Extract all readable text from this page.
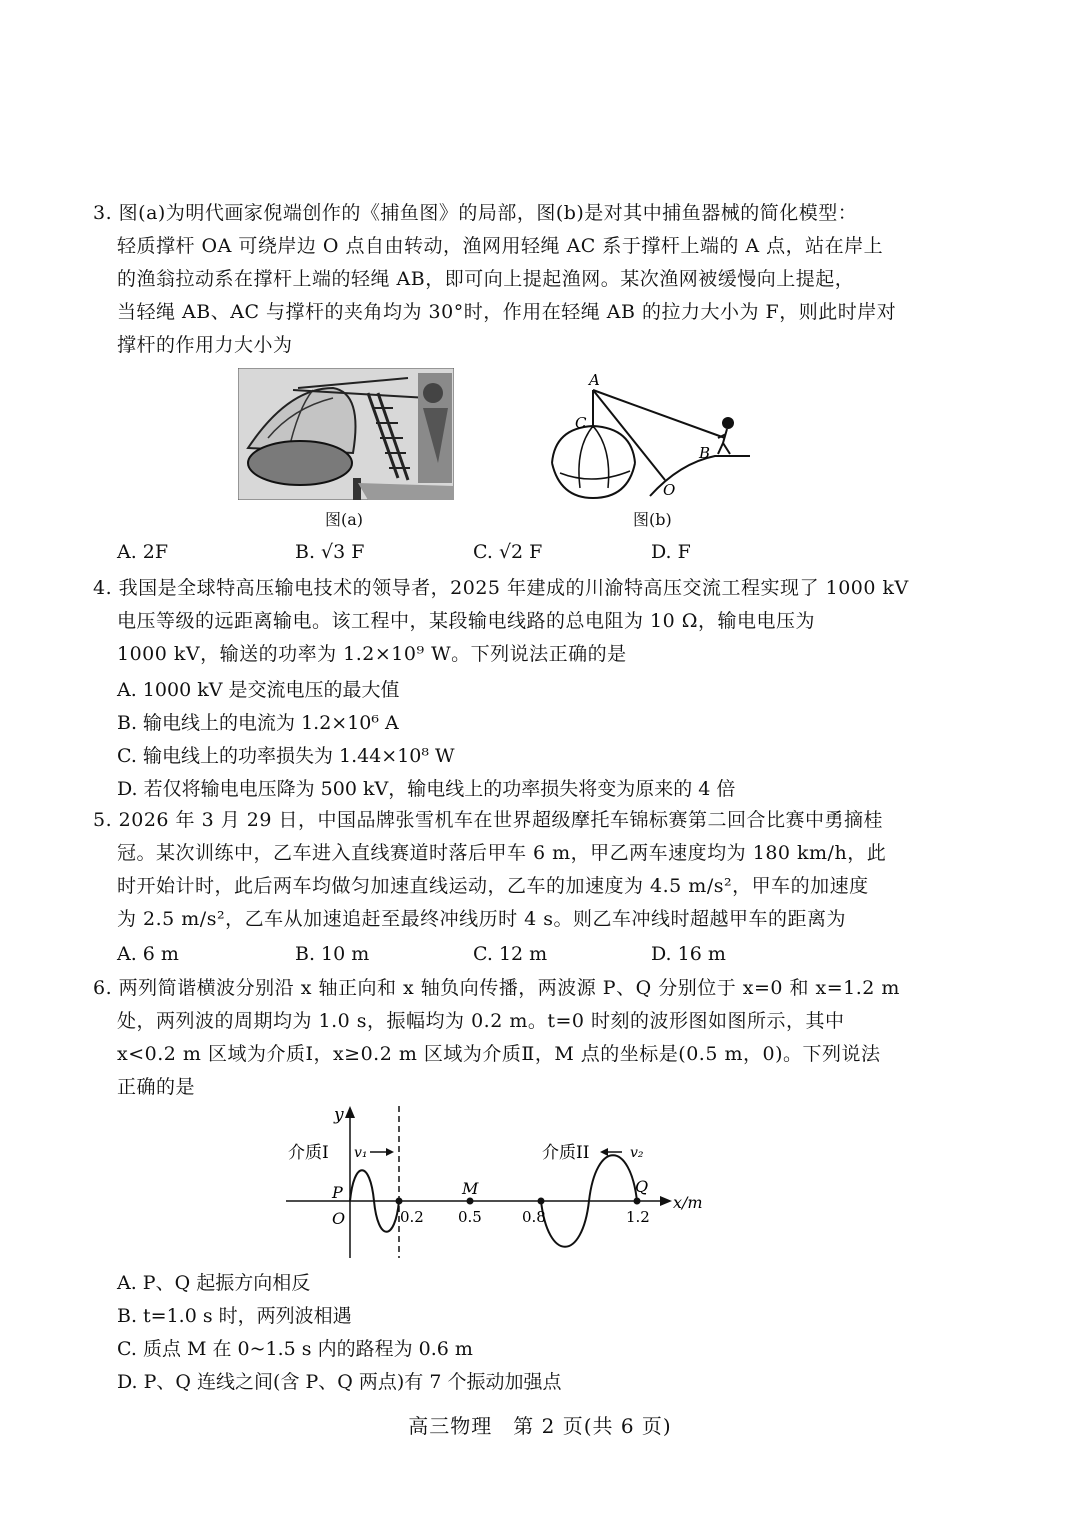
3. 图(a)为明代画家倪端创作的《捕鱼图》的局部，图(b)是对其中捕鱼器械的简化模型：
轻质撑杆 OA 可绕岸边 O 点自由转动，渔网用轻绳 AC 系于撑杆上端的 A 点，站在岸上
的渔翁拉动系在撑杆上端的轻绳 AB，即可向上提起渔网。某次渔网被缓慢向上提起，
当轻绳 AB、AC 与撑杆的夹角均为 30°时，作用在轻绳 AB 的拉力大小为 F，则此时岸对
撑杆的作用力大小为
图(a)
A
C
B
O
图(b)
A. 2F	B. √3 F	C. √2 F	D. F
4. 我国是全球特高压输电技术的领导者，2025 年建成的川渝特高压交流工程实现了 1000 kV
电压等级的远距离输电。该工程中，某段输电线路的总电阻为 10 Ω，输电电压为
1000 kV，输送的功率为 1.2×10⁹ W。下列说法正确的是
A. 1000 kV 是交流电压的最大值
B. 输电线上的电流为 1.2×10⁶ A
C. 输电线上的功率损失为 1.44×10⁸ W
D. 若仅将输电电压降为 500 kV，输电线上的功率损失将变为原来的 4 倍
5. 2026 年 3 月 29 日，中国品牌张雪机车在世界超级摩托车锦标赛第二回合比赛中勇摘桂
冠。某次训练中，乙车进入直线赛道时落后甲车 6 m，甲乙两车速度均为 180 km/h，此
时开始计时，此后两车均做匀加速直线运动，乙车的加速度为 4.5 m/s²，甲车的加速度
为 2.5 m/s²，乙车从加速追赶至最终冲线历时 4 s。则乙车冲线时超越甲车的距离为
A. 6 m	B. 10 m	C. 12 m	D. 16 m
6. 两列简谐横波分别沿 x 轴正向和 x 轴负向传播，两波源 P、Q 分别位于 x=0 和 x=1.2 m
处，两列波的周期均为 1.0 s，振幅均为 0.2 m。t=0 时刻的波形图如图所示，其中
x<0.2 m 区域为介质Ⅰ，x≥0.2 m 区域为介质Ⅱ，M 点的坐标是(0.5 m，0)。下列说法
正确的是
y
x/m
介质I	介质II
v₁	v₂
P
O
M	Q
0.2 0.5	0.8	1.2
A. P、Q 起振方向相反
B. t=1.0 s 时，两列波相遇
C. 质点 M 在 0~1.5 s 内的路程为 0.6 m
D. P、Q 连线之间(含 P、Q 两点)有 7 个振动加强点
高三物理　第 2 页(共 6 页)
